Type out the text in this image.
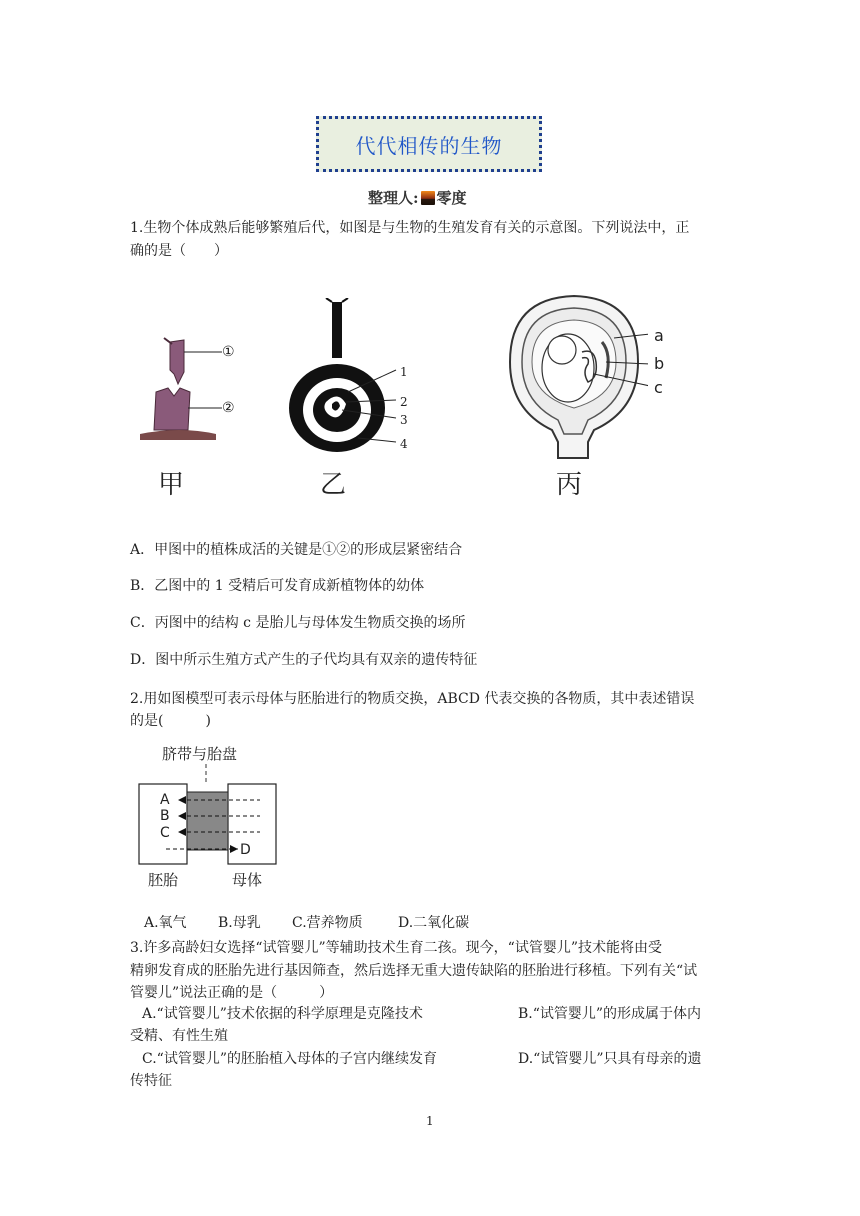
代代相传的生物
整理人: 零度
1.生物个体成熟后能够繁殖后代，如图是与生物的生殖发育有关的示意图。下列说法中，正
确的是（　　）
①
②
甲
1
2
3
4
乙
a
b
c
丙
A．甲图中的植株成活的关键是①②的形成层紧密结合
B．乙图中的 1 受精后可发育成新植物体的幼体
C．丙图中的结构 c 是胎儿与母体发生物质交换的场所
D．图中所示生殖方式产生的子代均具有双亲的遗传特征
2.用如图模型可表示母体与胚胎进行的物质交换，ABCD 代表交换的各物质，其中表述错误
的是(　　　)
脐带与胎盘
A
B
C
D
胚胎	母体
A.氧气 B.母乳 C.营养物质	D.二氧化碳
3.许多高龄妇女选择“试管婴儿”等辅助技术生育二孩。现今，“试管婴儿”技术能将由受
精卵发育成的胚胎先进行基因筛查，然后选择无重大遗传缺陷的胚胎进行移植。下列有关“试
管婴儿”说法正确的是（　　　）
A.“试管婴儿”技术依据的科学原理是克隆技术	B.“试管婴儿”的形成属于体内
受精、有性生殖
C.“试管婴儿”的胚胎植入母体的子宫内继续发育	D.“试管婴儿”只具有母亲的遗
传特征
1
